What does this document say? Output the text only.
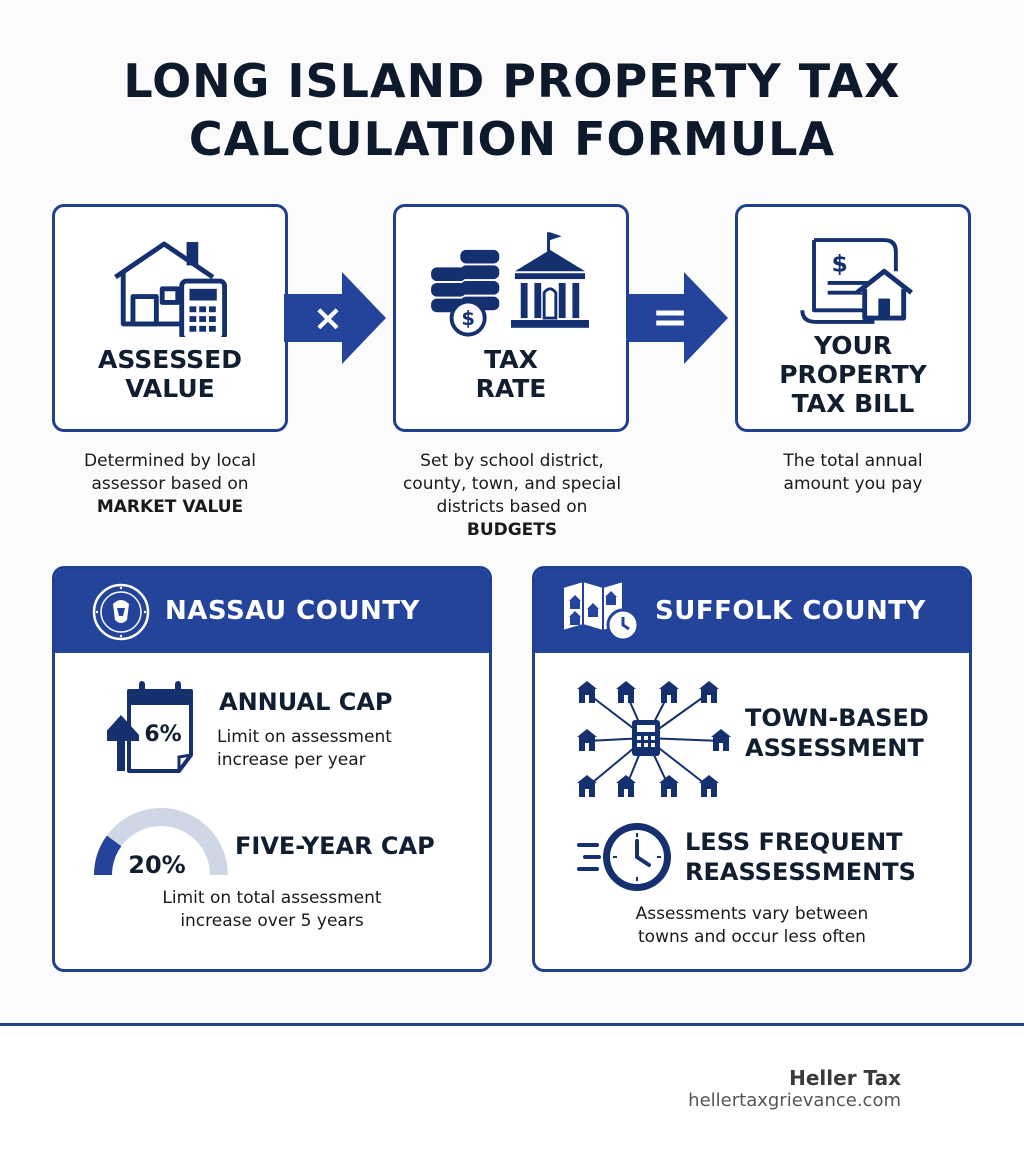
LONG ISLAND PROPERTY TAX
CALCULATION FORMULA
ASSESSED
VALUE
×	$
TAX
RATE
=
$
YOUR
PROPERTY
TAX BILL
Determined by local
assessor based on
MARKET VALUE
Set by school district,
county, town, and special
districts based on
BUDGETS
The total annual
amount you pay
NASSAU COUNTY
6%
ANNUAL CAP
Limit on assessment
increase per year
20%
FIVE-YEAR CAP
Limit on total assessment
increase over 5 years
SUFFOLK COUNTY
TOWN-BASED
ASSESSMENT
LESS FREQUENT
REASSESSMENTS
Assessments vary between
towns and occur less often
Heller Tax
hellertaxgrievance.com
